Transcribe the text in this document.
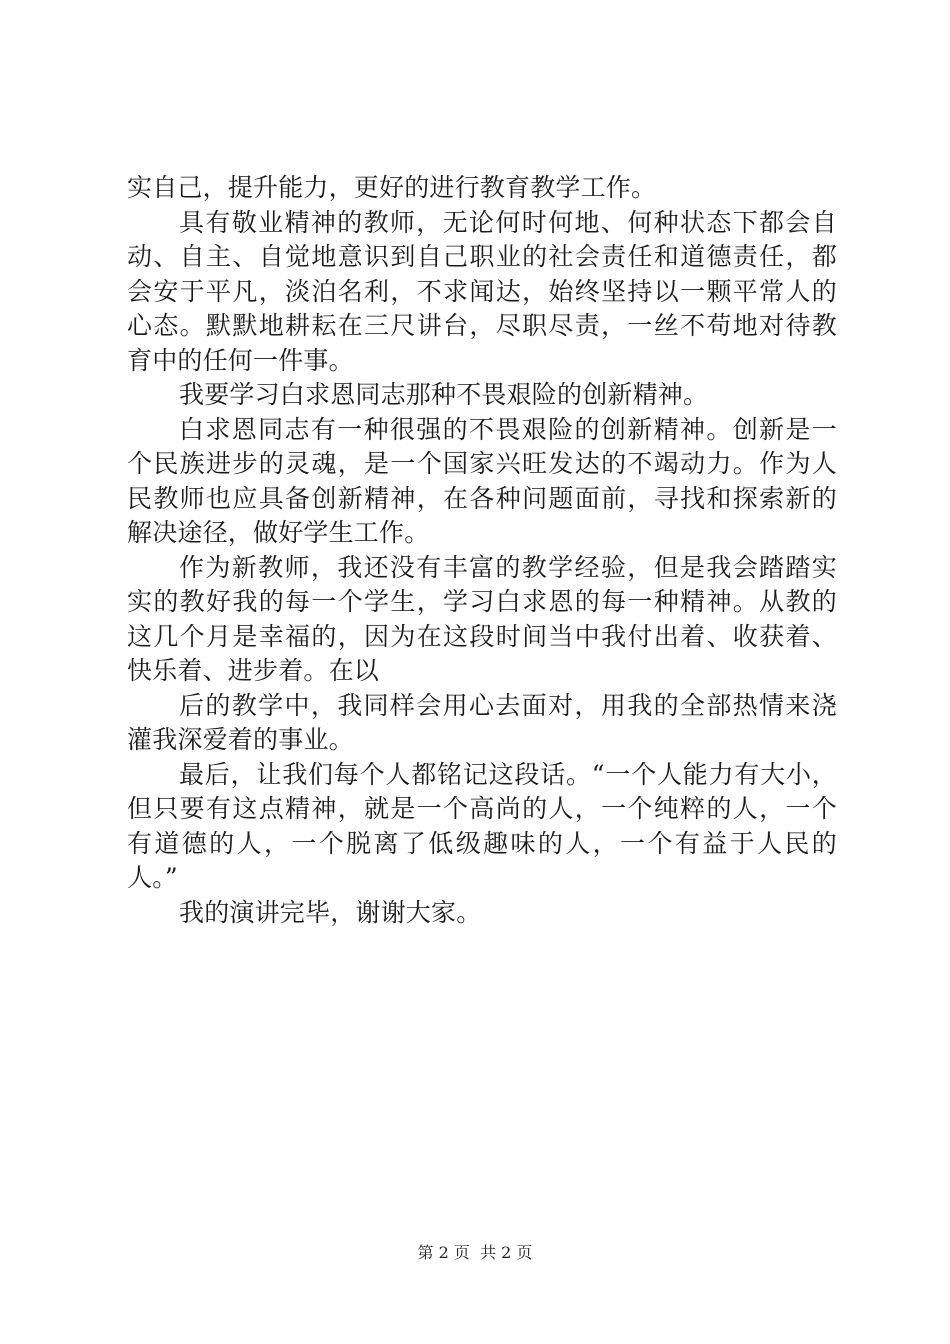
实自己，提升能力，更好的进行教育教学工作。
具有敬业精神的教师，无论何时何地、何种状态下都会自
动、自主、自觉地意识到自己职业的社会责任和道德责任，都
会安于平凡，淡泊名利，不求闻达，始终坚持以一颗平常人的
心态。默默地耕耘在三尺讲台，尽职尽责，一丝不苟地对待教
育中的任何一件事。
我要学习白求恩同志那种不畏艰险的创新精神。
白求恩同志有一种很强的不畏艰险的创新精神。创新是一
个民族进步的灵魂，是一个国家兴旺发达的不竭动力。作为人
民教师也应具备创新精神，在各种问题面前，寻找和探索新的
解决途径，做好学生工作。
作为新教师，我还没有丰富的教学经验，但是我会踏踏实
实的教好我的每一个学生，学习白求恩的每一种精神。从教的
这几个月是幸福的，因为在这段时间当中我付出着、收获着、
快乐着、进步着。在以
后的教学中，我同样会用心去面对，用我的全部热情来浇
灌我深爱着的事业。
最后，让我们每个人都铭记这段话。“一个人能力有大小，
但只要有这点精神，就是一个高尚的人，一个纯粹的人，一个
有道德的人，一个脱离了低级趣味的人，一个有益于人民的
人。”
我的演讲完毕，谢谢大家。
第 2 页  共 2 页
